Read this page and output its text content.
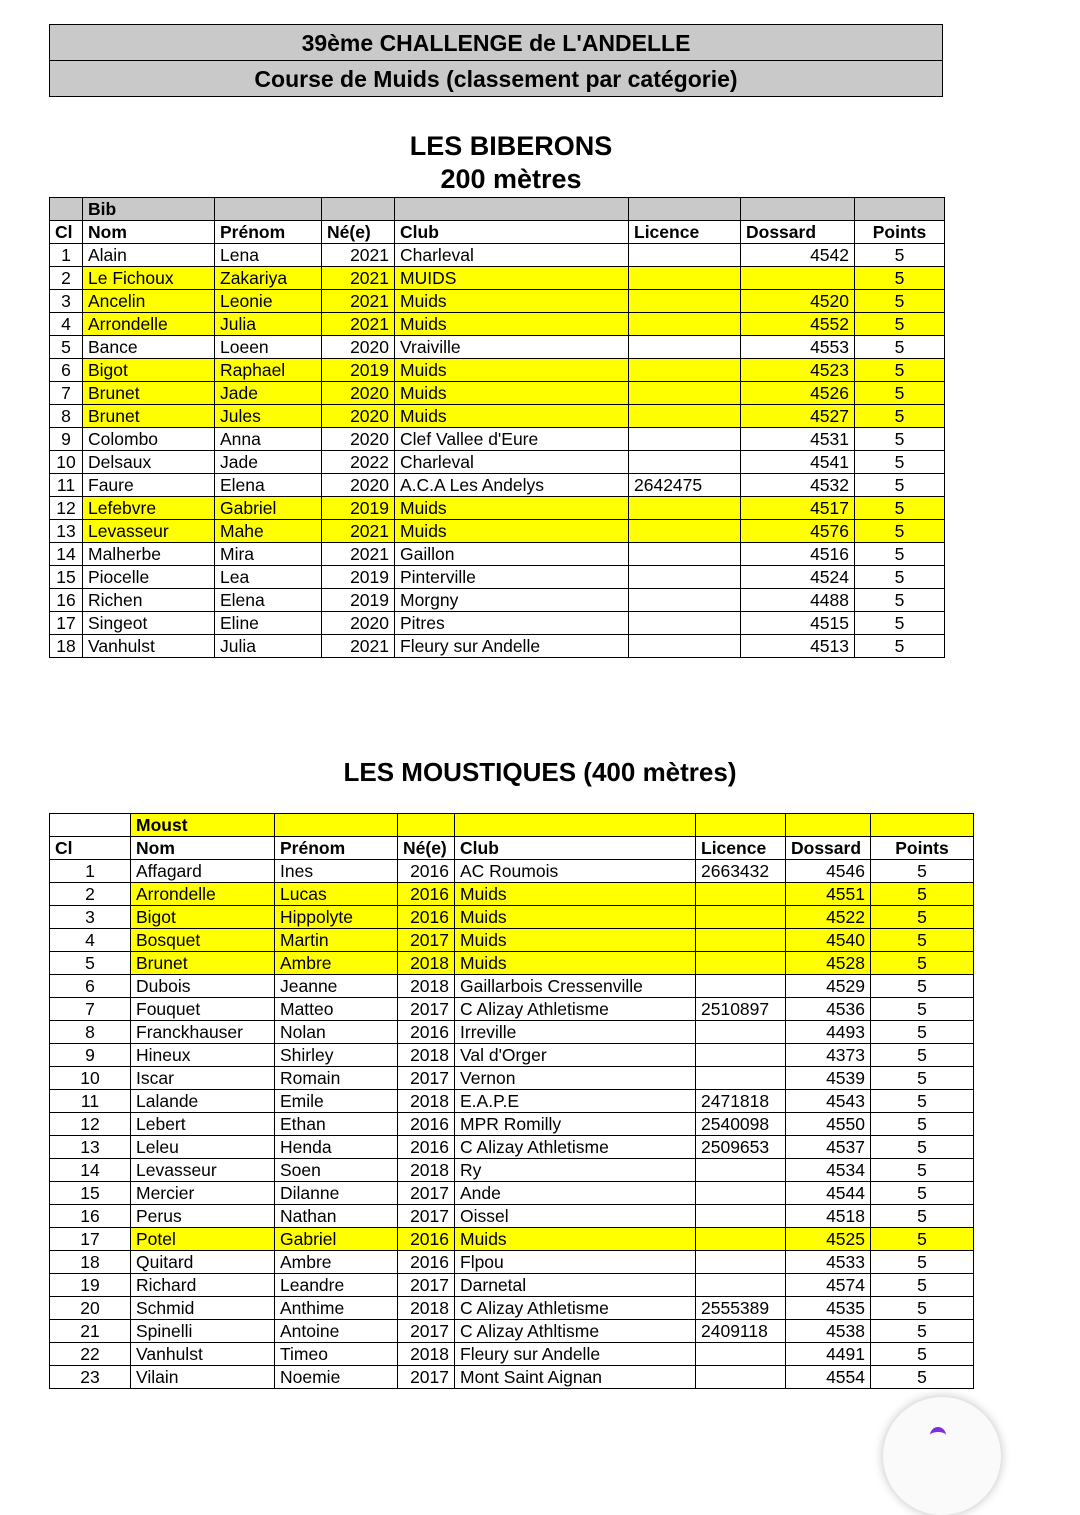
39ème CHALLENGE de L'ANDELLE
Course de Muids (classement par catégorie)
LES BIBERONS
200 mètres
	Bib						
Cl	Nom	Prénom	Né(e)	Club	Licence	Dossard	Points
1	Alain	Lena	2021	Charleval		4542	5
2	Le Fichoux	Zakariya	2021	MUIDS			5
3	Ancelin	Leonie	2021	Muids		4520	5
4	Arrondelle	Julia	2021	Muids		4552	5
5	Bance	Loeen	2020	Vraiville		4553	5
6	Bigot	Raphael	2019	Muids		4523	5
7	Brunet	Jade	2020	Muids		4526	5
8	Brunet	Jules	2020	Muids		4527	5
9	Colombo	Anna	2020	Clef Vallee d'Eure		4531	5
10	Delsaux	Jade	2022	Charleval		4541	5
11	Faure	Elena	2020	A.C.A Les Andelys	2642475	4532	5
12	Lefebvre	Gabriel	2019	Muids		4517	5
13	Levasseur	Mahe	2021	Muids		4576	5
14	Malherbe	Mira	2021	Gaillon		4516	5
15	Piocelle	Lea	2019	Pinterville		4524	5
16	Richen	Elena	2019	Morgny		4488	5
17	Singeot	Eline	2020	Pitres		4515	5
18	Vanhulst	Julia	2021	Fleury sur Andelle		4513	5
LES MOUSTIQUES (400 mètres)
	Moust						
Cl	Nom	Prénom	Né(e)	Club	Licence	Dossard	Points
1	Affagard	Ines	2016	AC Roumois	2663432	4546	5
2	Arrondelle	Lucas	2016	Muids		4551	5
3	Bigot	Hippolyte	2016	Muids		4522	5
4	Bosquet	Martin	2017	Muids		4540	5
5	Brunet	Ambre	2018	Muids		4528	5
6	Dubois	Jeanne	2018	Gaillarbois Cressenville		4529	5
7	Fouquet	Matteo	2017	C Alizay Athletisme	2510897	4536	5
8	Franckhauser	Nolan	2016	Irreville		4493	5
9	Hineux	Shirley	2018	Val d'Orger		4373	5
10	Iscar	Romain	2017	Vernon		4539	5
11	Lalande	Emile	2018	E.A.P.E	2471818	4543	5
12	Lebert	Ethan	2016	MPR Romilly	2540098	4550	5
13	Leleu	Henda	2016	C Alizay Athletisme	2509653	4537	5
14	Levasseur	Soen	2018	Ry		4534	5
15	Mercier	Dilanne	2017	Ande		4544	5
16	Perus	Nathan	2017	Oissel		4518	5
17	Potel	Gabriel	2016	Muids		4525	5
18	Quitard	Ambre	2016	Flpou		4533	5
19	Richard	Leandre	2017	Darnetal		4574	5
20	Schmid	Anthime	2018	C Alizay Athletisme	2555389	4535	5
21	Spinelli	Antoine	2017	C Alizay Athltisme	2409118	4538	5
22	Vanhulst	Timeo	2018	Fleury sur Andelle		4491	5
23	Vilain	Noemie	2017	Mont Saint Aignan		4554	5
